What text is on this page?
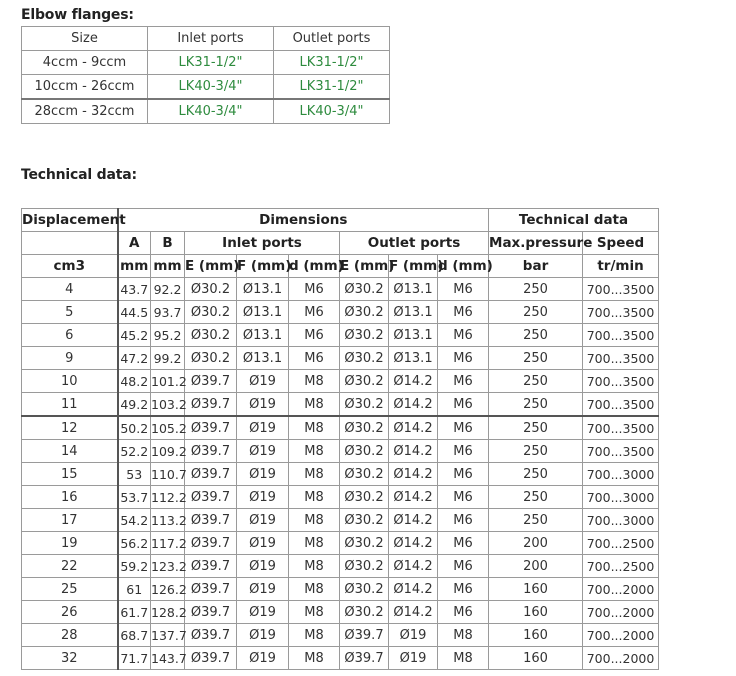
Elbow flanges:
Size	Inlet ports	Outlet ports
4ccm - 9ccm	LK31-1/2"	LK31-1/2"
10ccm - 26ccm	LK40-3/4"	LK31-1/2"
28ccm - 32ccm	LK40-3/4"	LK40-3/4"
Technical data:
Displacement	Dimensions								Technical data	
	A	B	Inlet ports			Outlet ports			Max.pressure	Speed
cm3	mm	mm	E (mm)	F (mm)	d (mm)	E (mm)	F (mm)	d (mm)	bar	tr/min
4	43.7	92.2	Ø30.2	Ø13.1	M6	Ø30.2	Ø13.1	M6	250	700...3500
5	44.5	93.7	Ø30.2	Ø13.1	M6	Ø30.2	Ø13.1	M6	250	700...3500
6	45.2	95.2	Ø30.2	Ø13.1	M6	Ø30.2	Ø13.1	M6	250	700...3500
9	47.2	99.2	Ø30.2	Ø13.1	M6	Ø30.2	Ø13.1	M6	250	700...3500
10	48.2	101.2	Ø39.7	Ø19	M8	Ø30.2	Ø14.2	M6	250	700...3500
11	49.2	103.2	Ø39.7	Ø19	M8	Ø30.2	Ø14.2	M6	250	700...3500
12	50.2	105.2	Ø39.7	Ø19	M8	Ø30.2	Ø14.2	M6	250	700...3500
14	52.2	109.2	Ø39.7	Ø19	M8	Ø30.2	Ø14.2	M6	250	700...3500
15	53	110.7	Ø39.7	Ø19	M8	Ø30.2	Ø14.2	M6	250	700...3000
16	53.7	112.2	Ø39.7	Ø19	M8	Ø30.2	Ø14.2	M6	250	700...3000
17	54.2	113.2	Ø39.7	Ø19	M8	Ø30.2	Ø14.2	M6	250	700...3000
19	56.2	117.2	Ø39.7	Ø19	M8	Ø30.2	Ø14.2	M6	200	700...2500
22	59.2	123.2	Ø39.7	Ø19	M8	Ø30.2	Ø14.2	M6	200	700...2500
25	61	126.2	Ø39.7	Ø19	M8	Ø30.2	Ø14.2	M6	160	700...2000
26	61.7	128.2	Ø39.7	Ø19	M8	Ø30.2	Ø14.2	M6	160	700...2000
28	68.7	137.7	Ø39.7	Ø19	M8	Ø39.7	Ø19	M8	160	700...2000
32	71.7	143.7	Ø39.7	Ø19	M8	Ø39.7	Ø19	M8	160	700...2000
